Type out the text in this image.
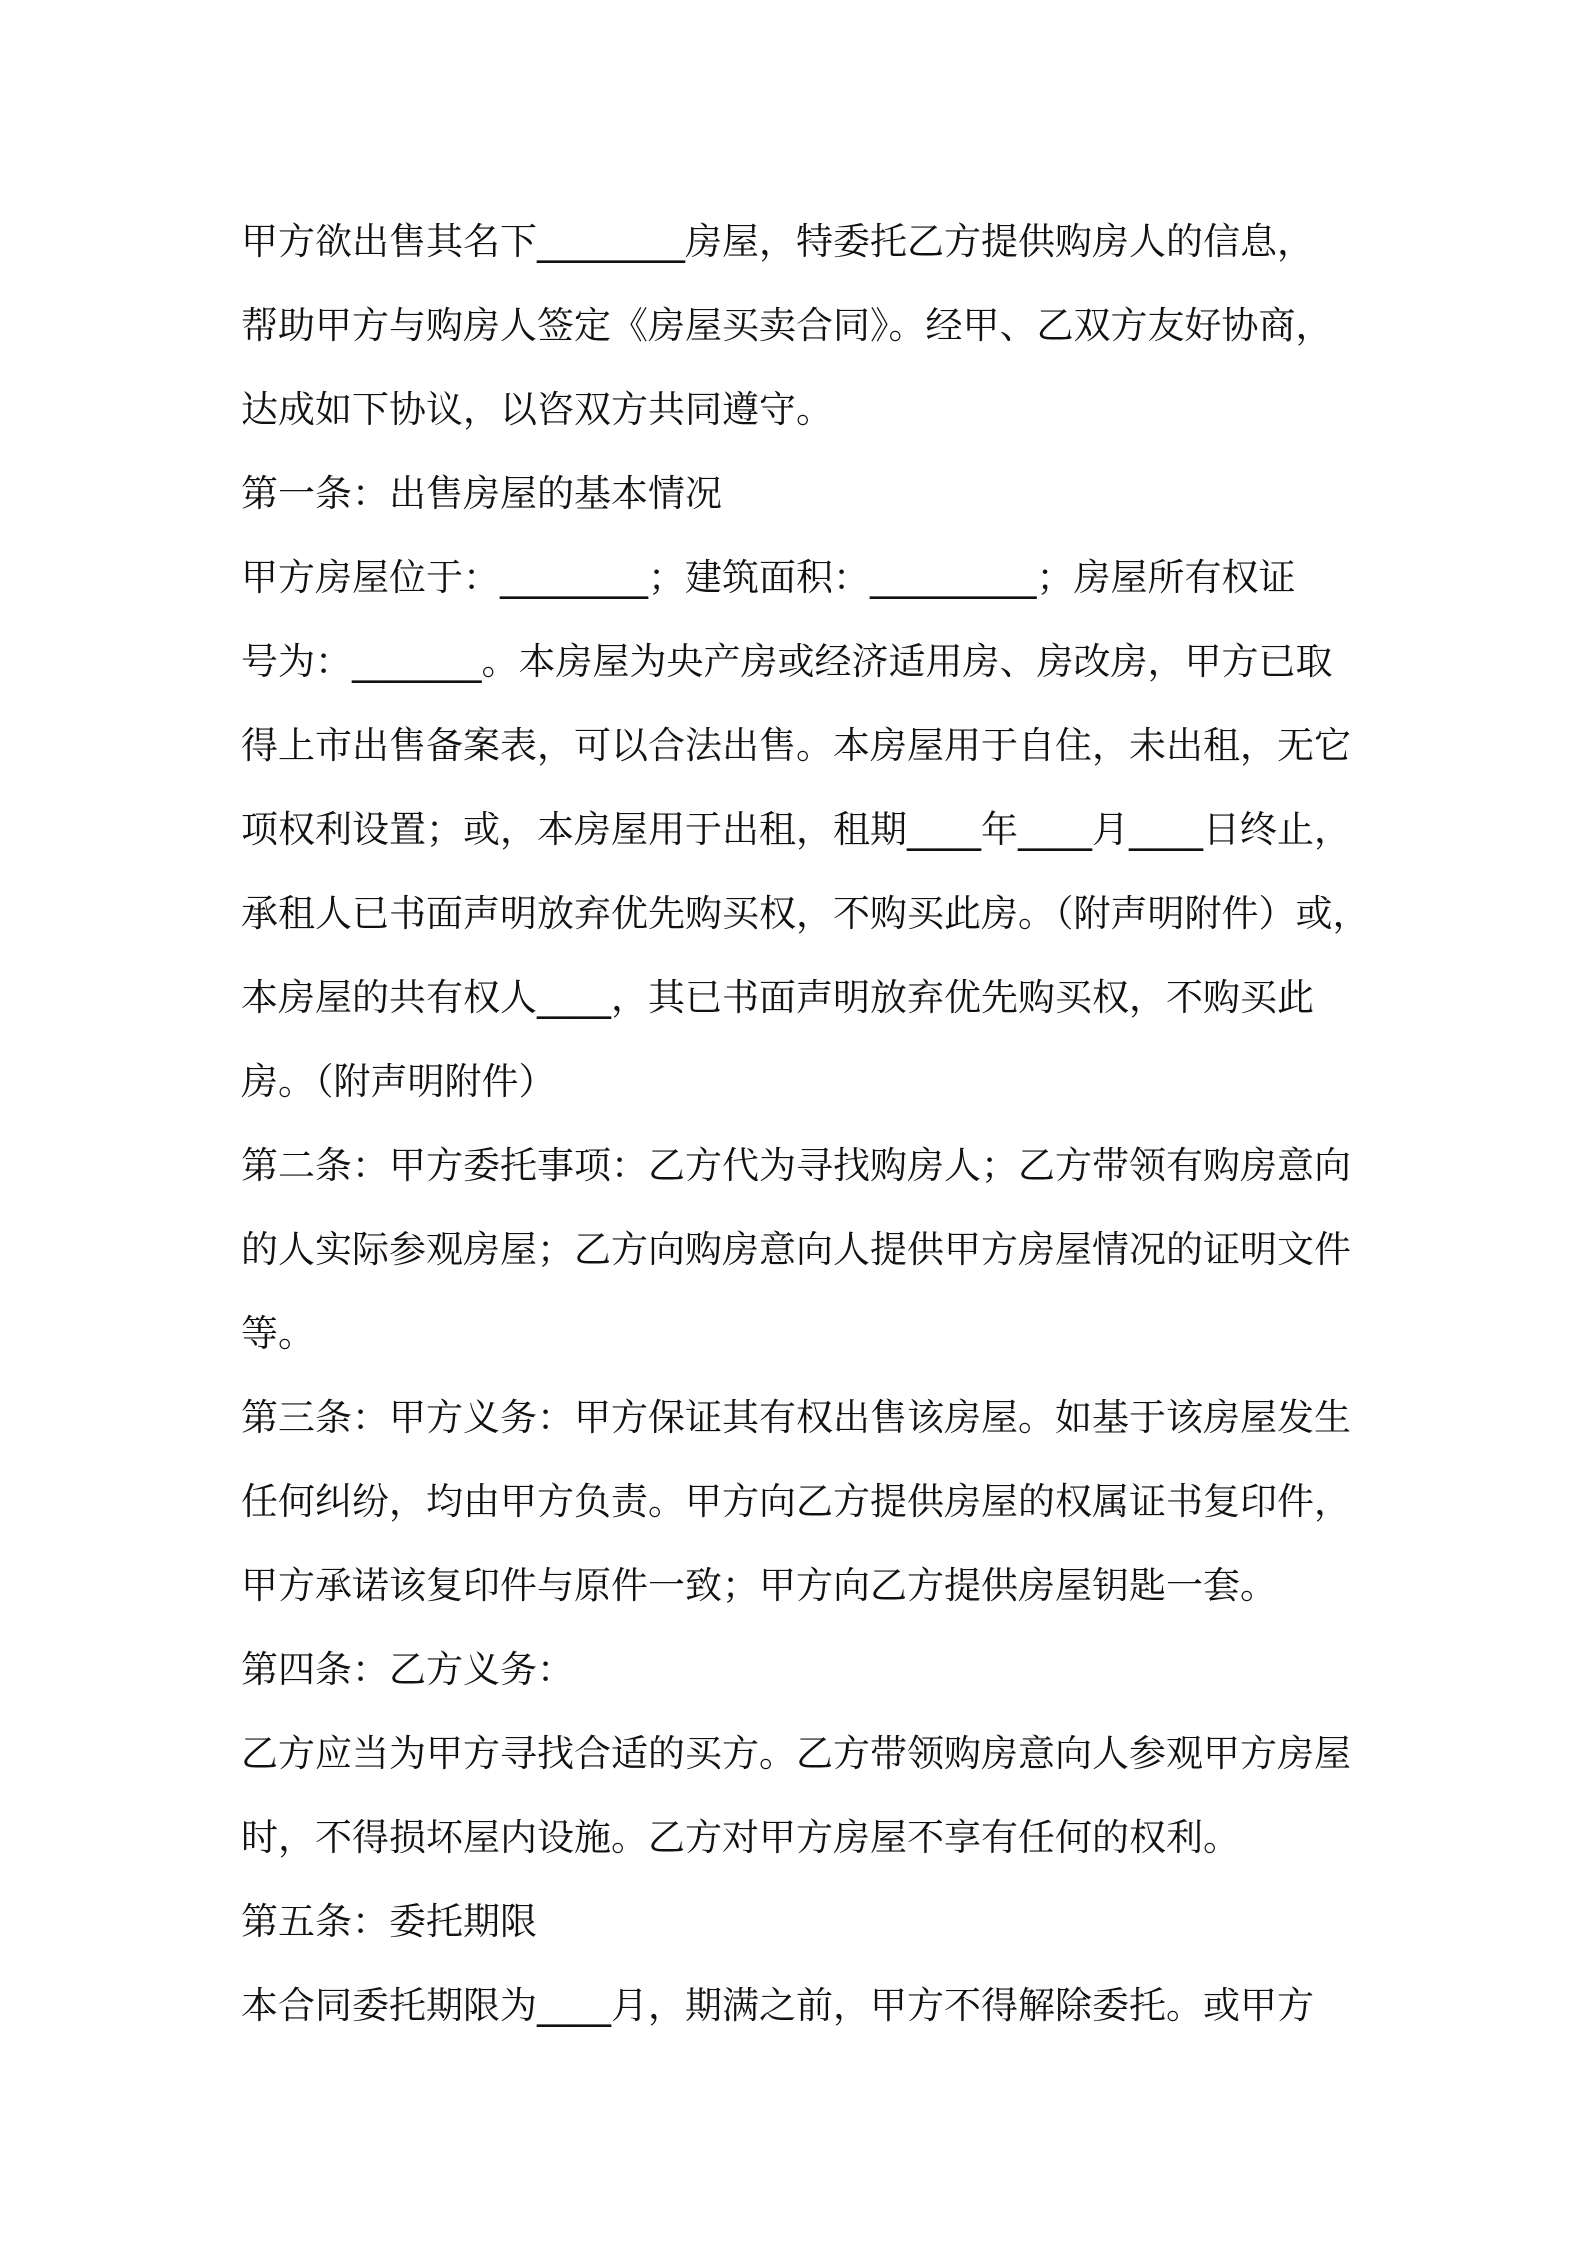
甲方欲出售其名下________房屋，特委托乙方提供购房人的信息，
帮助甲方与购房人签定《房屋买卖合同》。经甲、乙双方友好协商，
达成如下协议，以咨双方共同遵守。
第一条：出售房屋的基本情况
甲方房屋位于：________；建筑面积：_________；房屋所有权证
号为：_______。本房屋为央产房或经济适用房、房改房，甲方已取
得上市出售备案表，可以合法出售。本房屋用于自住，未出租，无它
项权利设置；或，本房屋用于出租，租期____年____月____日终止，
承租人已书面声明放弃优先购买权，不购买此房。（附声明附件）或，
本房屋的共有权人____，其已书面声明放弃优先购买权，不购买此
房。（附声明附件）
第二条：甲方委托事项：乙方代为寻找购房人；乙方带领有购房意向
的人实际参观房屋；乙方向购房意向人提供甲方房屋情况的证明文件
等。
第三条：甲方义务：甲方保证其有权出售该房屋。如基于该房屋发生
任何纠纷，均由甲方负责。甲方向乙方提供房屋的权属证书复印件，
甲方承诺该复印件与原件一致；甲方向乙方提供房屋钥匙一套。
第四条：乙方义务：
乙方应当为甲方寻找合适的买方。乙方带领购房意向人参观甲方房屋
时，不得损坏屋内设施。乙方对甲方房屋不享有任何的权利。
第五条：委托期限
本合同委托期限为____月，期满之前，甲方不得解除委托。或甲方
